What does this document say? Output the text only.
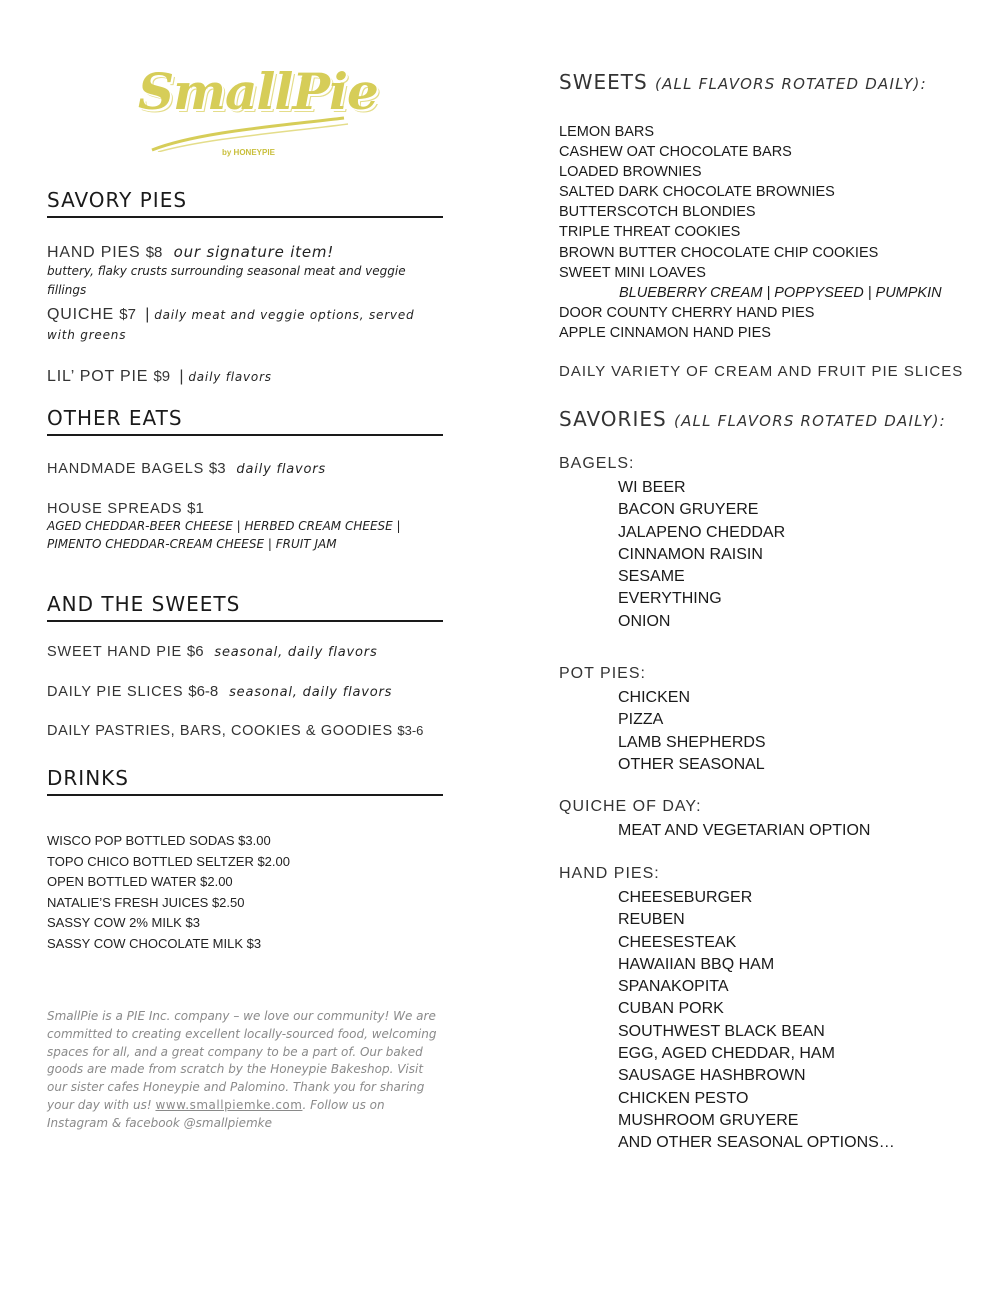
SmallPie
by HONEYPIE
SAVORY PIES
HAND PIES $8 our signature item!
buttery, flaky crusts surrounding seasonal meat and veggie fillings
QUICHE $7 | daily meat and veggie options, served with greens
LIL’ POT PIE $9 | daily flavors
OTHER EATS
HANDMADE BAGELS $3 daily flavors
HOUSE SPREADS $1
AGED CHEDDAR-BEER CHEESE | HERBED CREAM CHEESE | PIMENTO CHEDDAR-CREAM CHEESE | FRUIT JAM
AND THE SWEETS
SWEET HAND PIE $6 seasonal, daily flavors
DAILY PIE SLICES $6-8 seasonal, daily flavors
DAILY PASTRIES, BARS, COOKIES & GOODIES $3-6
DRINKS
WISCO POP BOTTLED SODAS $3.00
TOPO CHICO BOTTLED SELTZER $2.00
OPEN BOTTLED WATER $2.00
NATALIE’S FRESH JUICES $2.50
SASSY COW 2% MILK $3
SASSY COW CHOCOLATE MILK $3
SmallPie is a PIE Inc. company – we love our community! We are committed to creating excellent locally-sourced food, welcoming spaces for all, and a great company to be a part of. Our baked goods are made from scratch by the Honeypie Bakeshop. Visit our sister cafes Honeypie and Palomino. Thank you for sharing your day with us! www.smallpiemke.com. Follow us on Instagram & facebook @smallpiemke
SWEETS (ALL FLAVORS ROTATED DAILY):
LEMON BARS
CASHEW OAT CHOCOLATE BARS
LOADED BROWNIES
SALTED DARK CHOCOLATE BROWNIES
BUTTERSCOTCH BLONDIES
TRIPLE THREAT COOKIES
BROWN BUTTER CHOCOLATE CHIP COOKIES
SWEET MINI LOAVES
BLUEBERRY CREAM | POPPYSEED | PUMPKIN
DOOR COUNTY CHERRY HAND PIES
APPLE CINNAMON HAND PIES
DAILY VARIETY OF CREAM AND FRUIT PIE SLICES
SAVORIES (ALL FLAVORS ROTATED DAILY):
BAGELS:
WI BEER
BACON GRUYERE
JALAPENO CHEDDAR
CINNAMON RAISIN
SESAME
EVERYTHING
ONION
POT PIES:
CHICKEN
PIZZA
LAMB SHEPHERDS
OTHER SEASONAL
QUICHE OF DAY:
MEAT AND VEGETARIAN OPTION
HAND PIES:
CHEESEBURGER
REUBEN
CHEESESTEAK
HAWAIIAN BBQ HAM
SPANAKOPITA
CUBAN PORK
SOUTHWEST BLACK BEAN
EGG, AGED CHEDDAR, HAM
SAUSAGE HASHBROWN
CHICKEN PESTO
MUSHROOM GRUYERE
AND OTHER SEASONAL OPTIONS…
